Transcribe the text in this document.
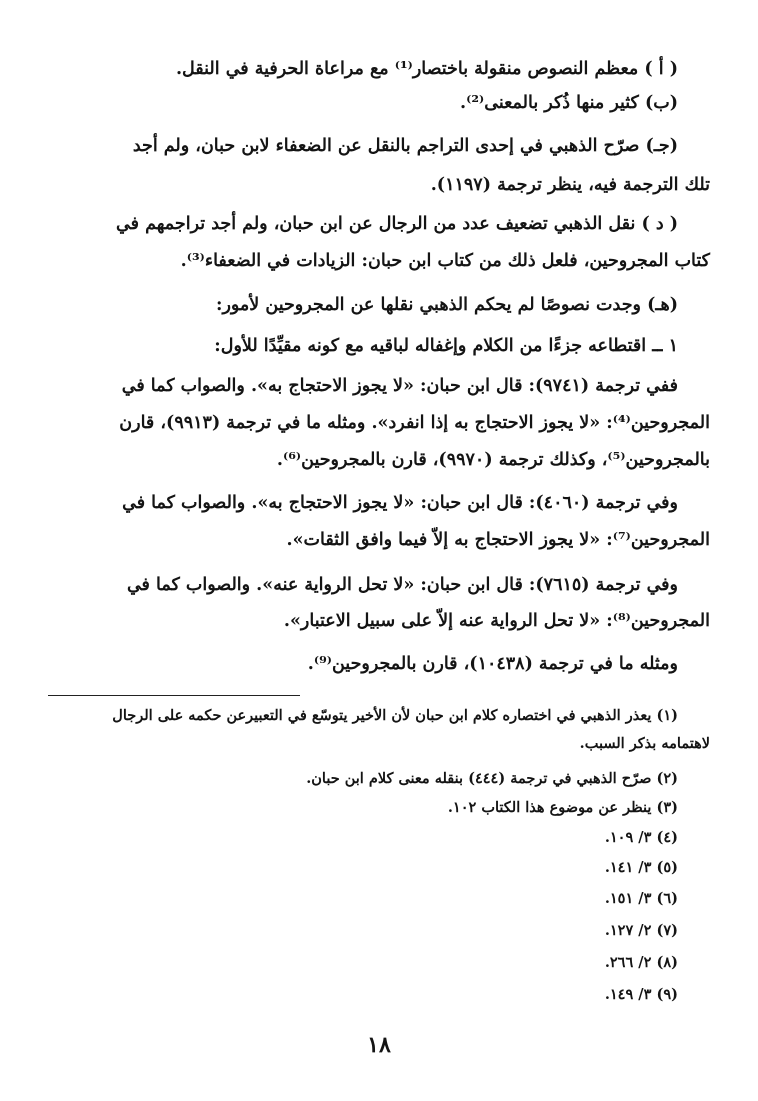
( أ ) معظم النصوص منقولة باختصار⁽¹⁾ مع مراعاة الحرفية في النقل.
(ب) كثير منها ذُكر بالمعنى⁽²⁾.
(جـ) صرّح الذهبي في إحدى التراجم بالنقل عن الضعفاء لابن حبان، ولم أجد
تلك الترجمة فيه، ينظر ترجمة (١١٩٧).
( د ) نقل الذهبي تضعيف عدد من الرجال عن ابن حبان، ولم أجد تراجمهم في
كتاب المجروحين، فلعل ذلك من كتاب ابن حبان: الزيادات في الضعفاء⁽³⁾.
(هـ) وجدت نصوصًا لم يحكم الذهبي نقلها عن المجروحين لأمور:
١ ــ اقتطاعه جزءًا من الكلام وإغفاله لباقيه مع كونه مقيِّدًا للأول:
ففي ترجمة (٩٧٤١): قال ابن حبان: «لا يجوز الاحتجاج به». والصواب كما في
المجروحين⁽⁴⁾: «لا يجوز الاحتجاج به إذا انفرد». ومثله ما في ترجمة (٩٩١٣)، قارن
بالمجروحين⁽⁵⁾، وكذلك ترجمة (٩٩٧٠)، قارن بالمجروحين⁽⁶⁾.
وفي ترجمة (٤٠٦٠): قال ابن حبان: «لا يجوز الاحتجاج به». والصواب كما في
المجروحين⁽⁷⁾: «لا يجوز الاحتجاج به إلاّ فيما وافق الثقات».
وفي ترجمة (٧٦١٥): قال ابن حبان: «لا تحل الرواية عنه». والصواب كما في
المجروحين⁽⁸⁾: «لا تحل الرواية عنه إلاّ على سبيل الاعتبار».
ومثله ما في ترجمة (١٠٤٣٨)، قارن بالمجروحين⁽⁹⁾.
(١) يعذر الذهبي في اختصاره كلام ابن حبان لأن الأخير يتوسّع في التعبيرعن حكمه على الرجال
لاهتمامه بذكر السبب.
(٢) صرّح الذهبي في ترجمة (٤٤٤) بنقله معنى كلام ابن حبان.
(٣) ينظر عن موضوع هذا الكتاب ١٠٢.
(٤) ٣/ ١٠٩.
(٥) ٣/ ١٤١.
(٦) ٣/ ١٥١.
(٧) ٢/ ١٢٧.
(٨) ٢/ ٢٦٦.
(٩) ٣/ ١٤٩.
١٨
